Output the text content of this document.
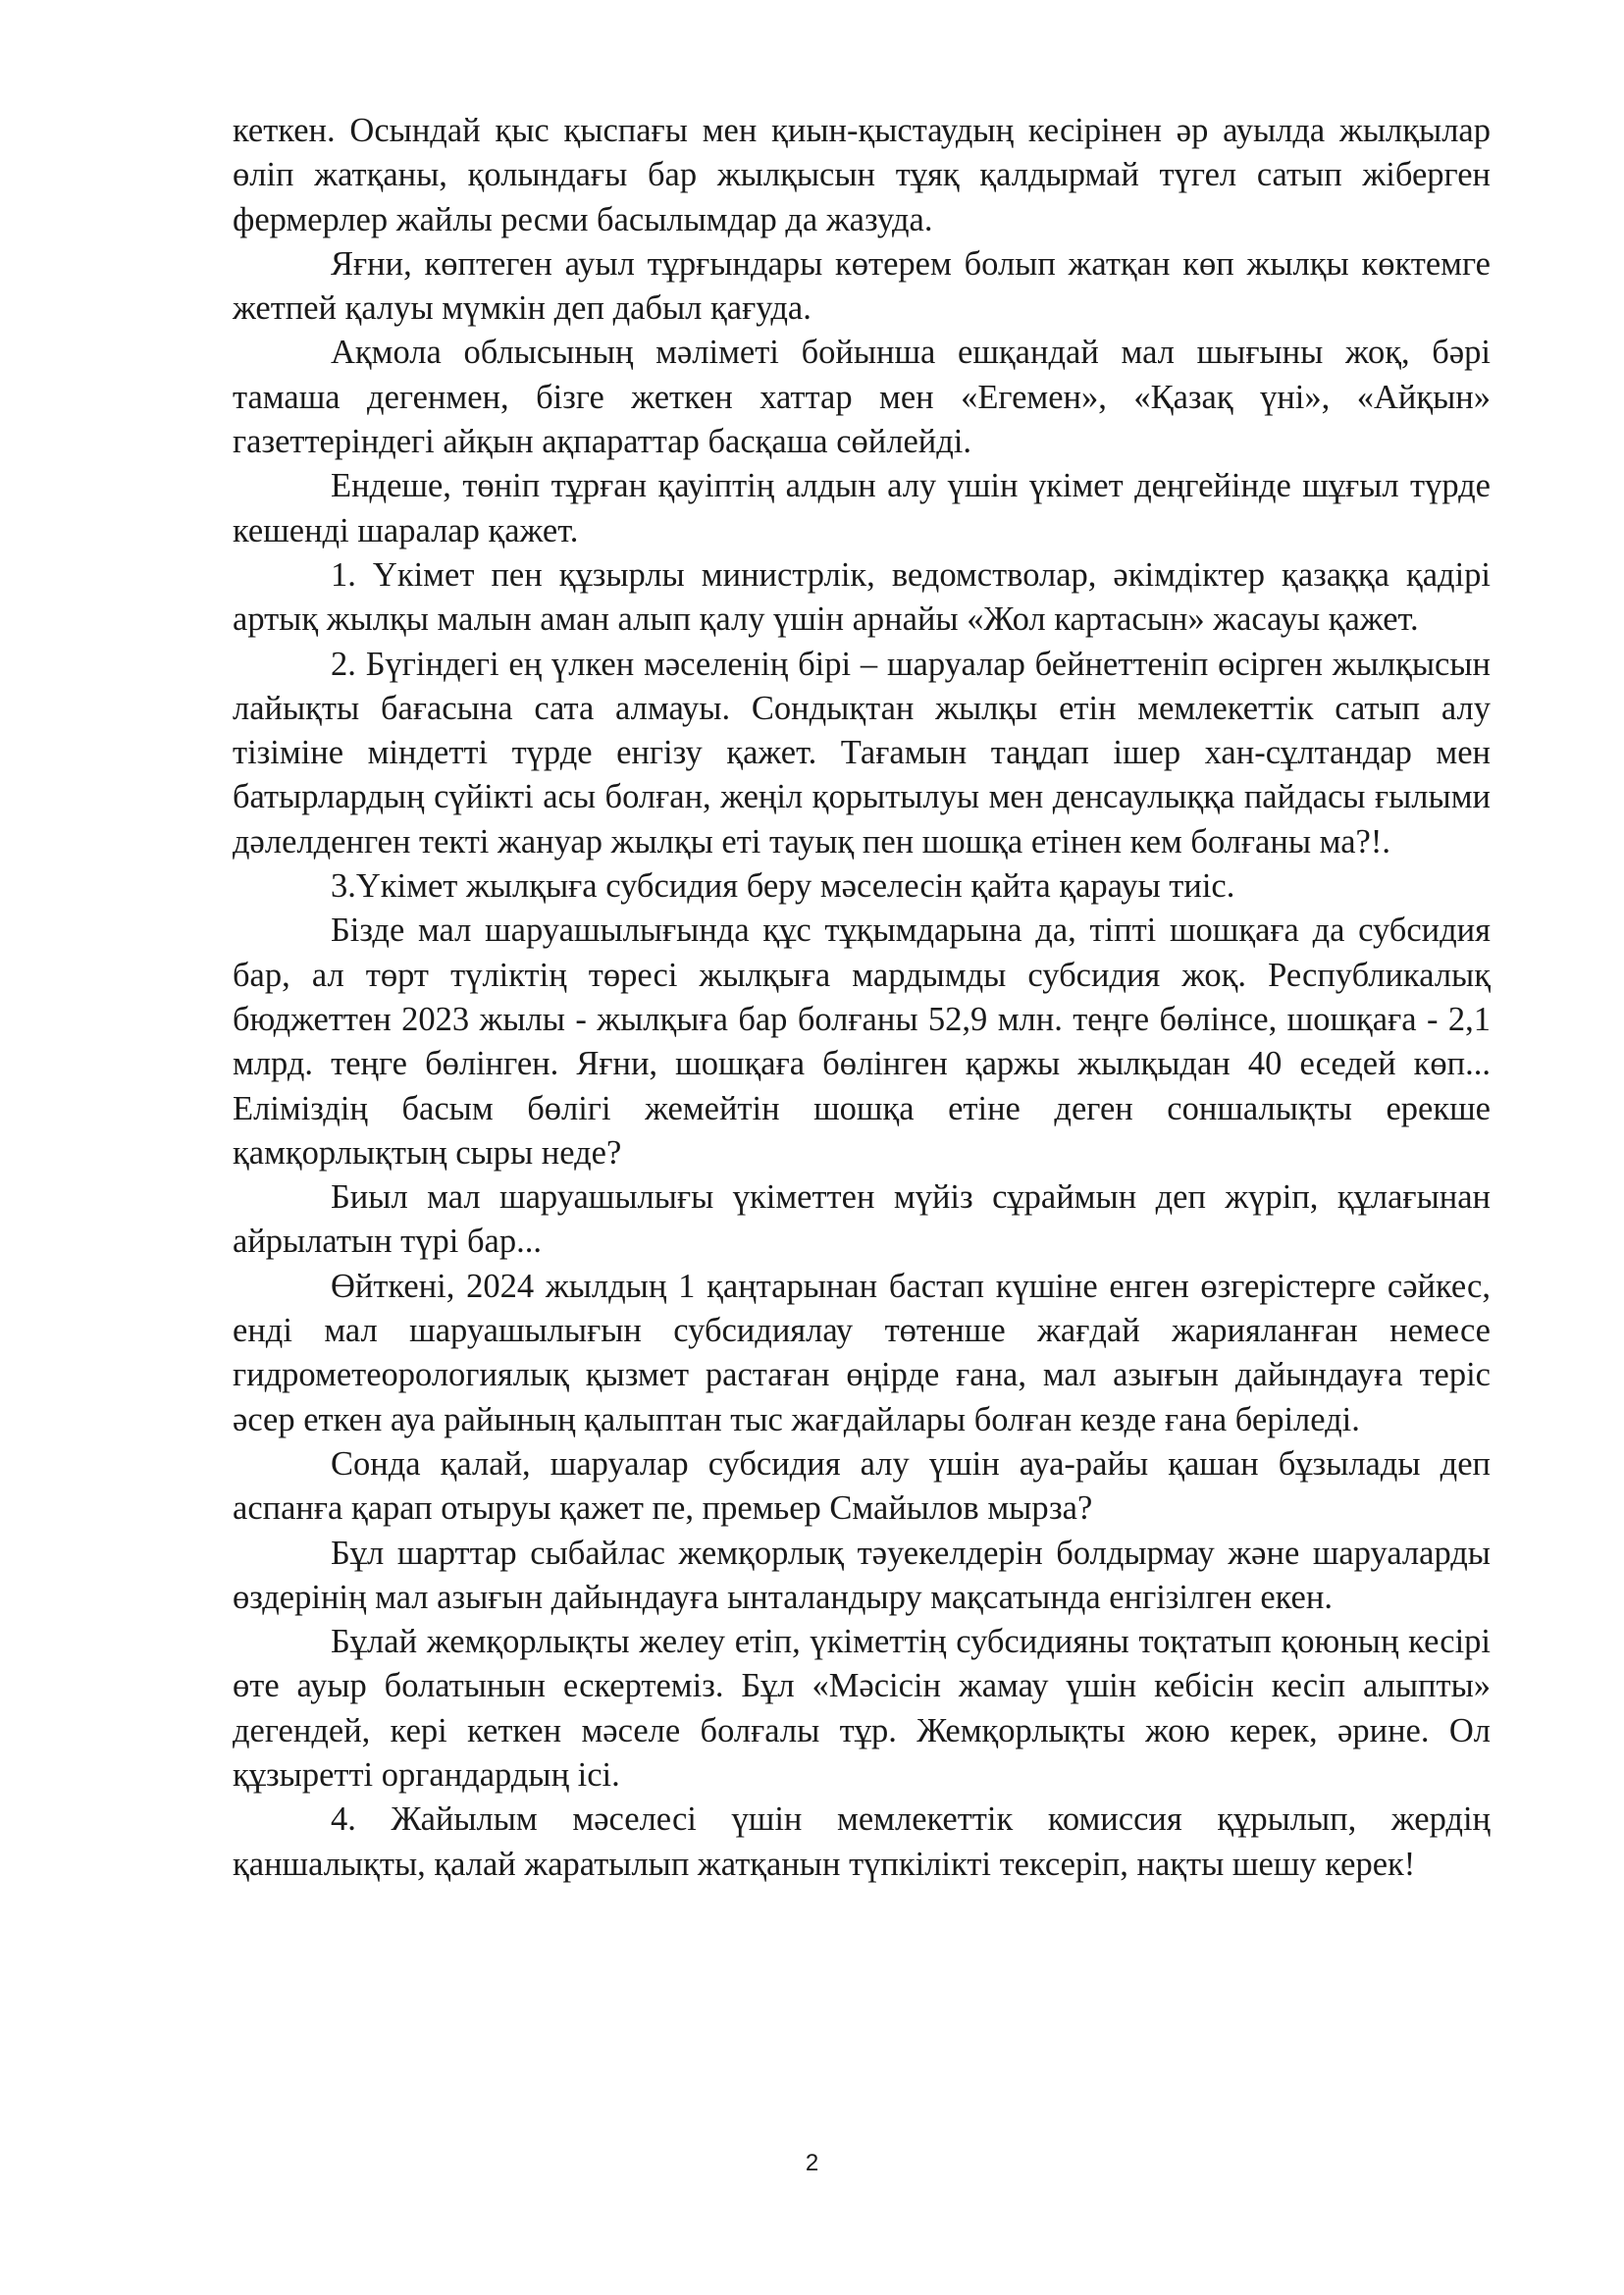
кеткен. Осындай қыс қыспағы мен қиын-қыстаудың кесірінен әр ауылда жылқылар өліп жатқаны, қолындағы бар жылқысын тұяқ қалдырмай түгел сатып жіберген фермерлер жайлы ресми басылымдар да жазуда.

Яғни, көптеген ауыл тұрғындары көтерем болып жатқан көп жылқы көктемге жетпей қалуы мүмкін деп дабыл қағуда.

Ақмола облысының мәліметі бойынша ешқандай мал шығыны жоқ, бәрі тамаша дегенмен, бізге жеткен хаттар мен «Егемен», «Қазақ үні», «Айқын» газеттеріндегі айқын ақпараттар басқаша сөйлейді.

Ендеше, төніп тұрған қауіптің алдын алу үшін үкімет деңгейінде шұғыл түрде кешенді шаралар қажет.

1. Үкімет пен құзырлы министрлік, ведомстволар, әкімдіктер қазаққа қадірі артық жылқы малын аман алып қалу үшін арнайы «Жол картасын» жасауы қажет.

2. Бүгіндегі ең үлкен мәселенің бірі – шаруалар бейнеттеніп өсірген жылқысын лайықты бағасына сата алмауы. Сондықтан жылқы етін мемлекеттік сатып алу тізіміне міндетті түрде енгізу қажет. Тағамын таңдап ішер хан-сұлтандар мен батырлардың сүйікті асы болған, жеңіл қорытылуы мен денсаулыққа пайдасы ғылыми дәлелденген текті жануар жылқы еті тауық пен шошқа етінен кем болғаны ма?!.

3.Үкімет жылқыға субсидия беру мәселесін қайта қарауы тиіс.

Бізде мал шаруашылығында құс тұқымдарына да, тіпті шошқаға да субсидия бар, ал төрт түліктің төресі жылқыға мардымды субсидия жоқ. Республикалық бюджеттен 2023 жылы - жылқыға бар болғаны 52,9 млн. теңге бөлінсе, шошқаға - 2,1 млрд. теңге бөлінген. Яғни, шошқаға бөлінген қаржы жылқыдан 40 еседей көп... Еліміздің басым бөлігі жемейтін шошқа етіне деген соншалықты ерекше қамқорлықтың сыры неде?

Биыл мал шаруашылығы үкіметтен мүйіз сұраймын деп жүріп, құлағынан айрылатын түрі бар...

Өйткені, 2024 жылдың 1 қаңтарынан бастап күшіне енген өзгерістерге сәйкес, енді мал шаруашылығын субсидиялау төтенше жағдай жарияланған немесе гидрометеорологиялық қызмет растаған өңірде ғана, мал азығын дайындауға теріс әсер еткен ауа райының қалыптан тыс жағдайлары болған кезде ғана беріледі.

Сонда қалай, шаруалар субсидия алу үшін ауа-райы қашан бұзылады деп аспанға қарап отыруы қажет пе, премьер Смайылов мырза?

Бұл шарттар сыбайлас жемқорлық тәуекелдерін болдырмау және шаруаларды өздерінің мал азығын дайындауға ынталандыру мақсатында енгізілген екен.

Бұлай жемқорлықты желеу етіп, үкіметтің субсидияны тоқтатып қоюның кесірі өте ауыр болатынын ескертеміз. Бұл «Мәсісін жамау үшін кебісін кесіп алыпты» дегендей, кері кеткен мәселе болғалы тұр. Жемқорлықты жою керек, әрине. Ол құзыретті органдардың ісі.

4. Жайылым мәселесі үшін мемлекеттік комиссия құрылып, жердің қаншалықты, қалай жаратылып жатқанын түпкілікті тексеріп, нақты шешу керек!

2
